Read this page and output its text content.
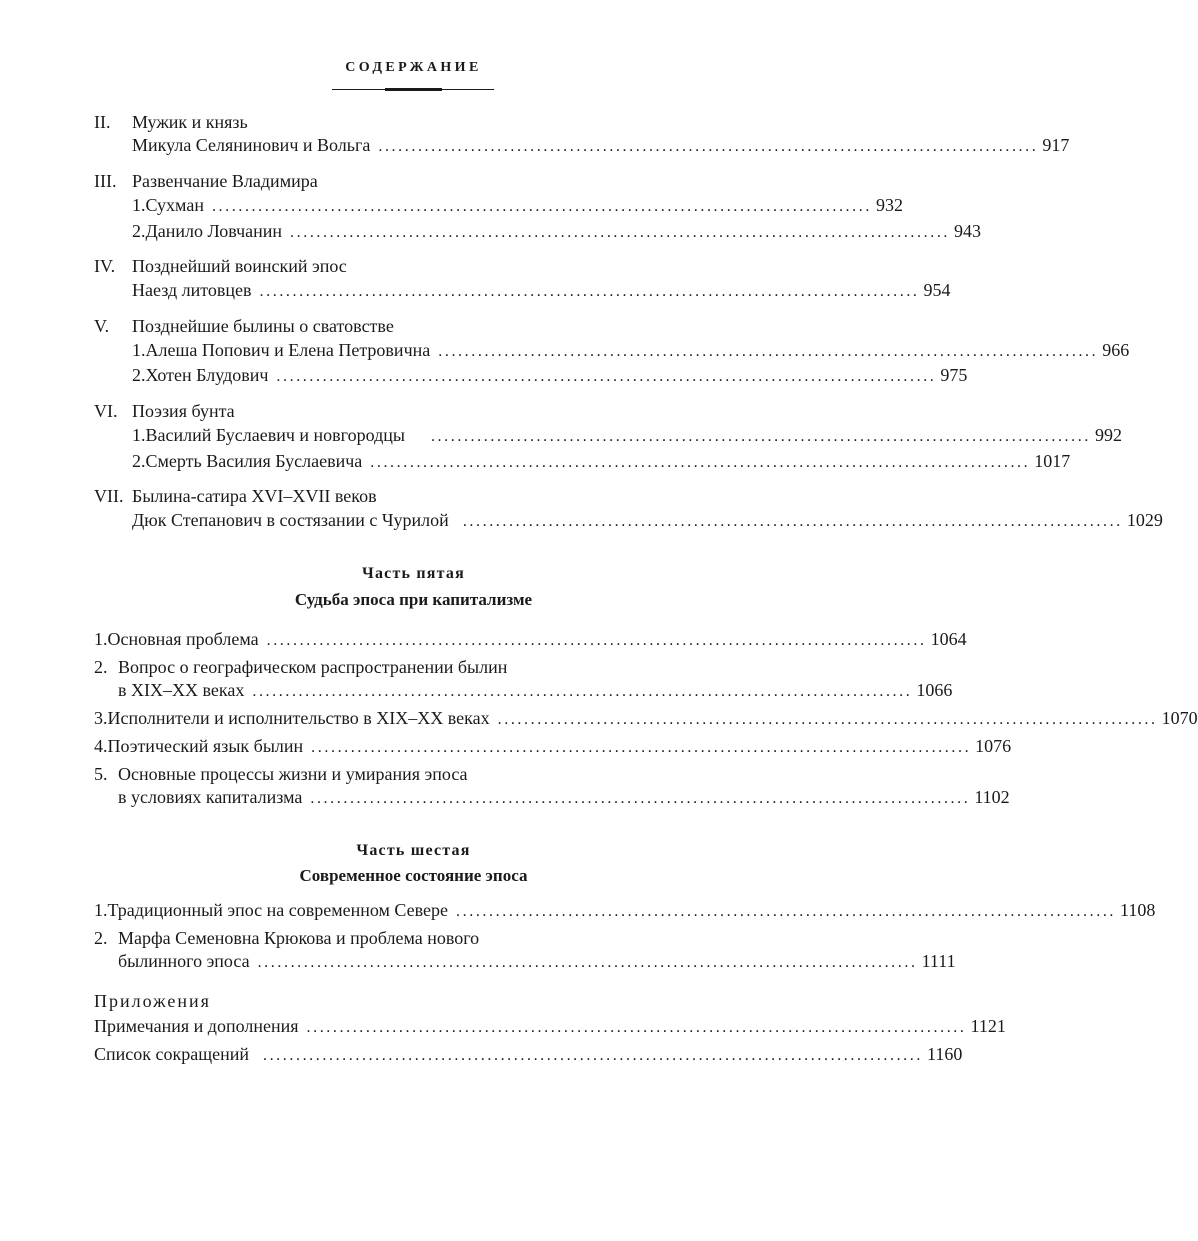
СОДЕРЖАНИЕ
II. Мужик и князь
Микула Селянинович и Вольга .................................................................................................... 917
III. Развенчание Владимира
1. Сухман .................................................................................................... 932
2. Данило Ловчанин .................................................................................................... 943
IV. Позднейший воинский эпос
Наезд литовцев .................................................................................................... 954
V. Позднейшие былины о сватовстве
1. Алеша Попович и Елена Петровична .................................................................................................... 966
2. Хотен Блудович .................................................................................................... 975
VI. Поэзия бунта
1. Василий Буслаевич и новгородцы .................................................................................................... 992
2. Смерть Василия Буслаевича .................................................................................................... 1017
VII. Былина-сатира XVI–XVII веков
Дюк Степанович в состязании с Чурилой .................................................................................................... 1029
Часть пятая
Судьба эпоса при капитализме
1. Основная проблема .................................................................................................... 1064
2. Вопрос о географическом распространении былин
в XIX–XX веках .................................................................................................... 1066
3. Исполнители и исполнительство в XIX–XX веках .................................................................................................... 1070
4. Поэтический язык былин .................................................................................................... 1076
5. Основные процессы жизни и умирания эпоса
в условиях капитализма .................................................................................................... 1102
Часть шестая
Современное состояние эпоса
1. Традиционный эпос на современном Севере .................................................................................................... 1108
2. Марфа Семеновна Крюкова и проблема нового
былинного эпоса .................................................................................................... 1111
Приложения
Примечания и дополнения .................................................................................................... 1121
Список сокращений .................................................................................................... 1160
